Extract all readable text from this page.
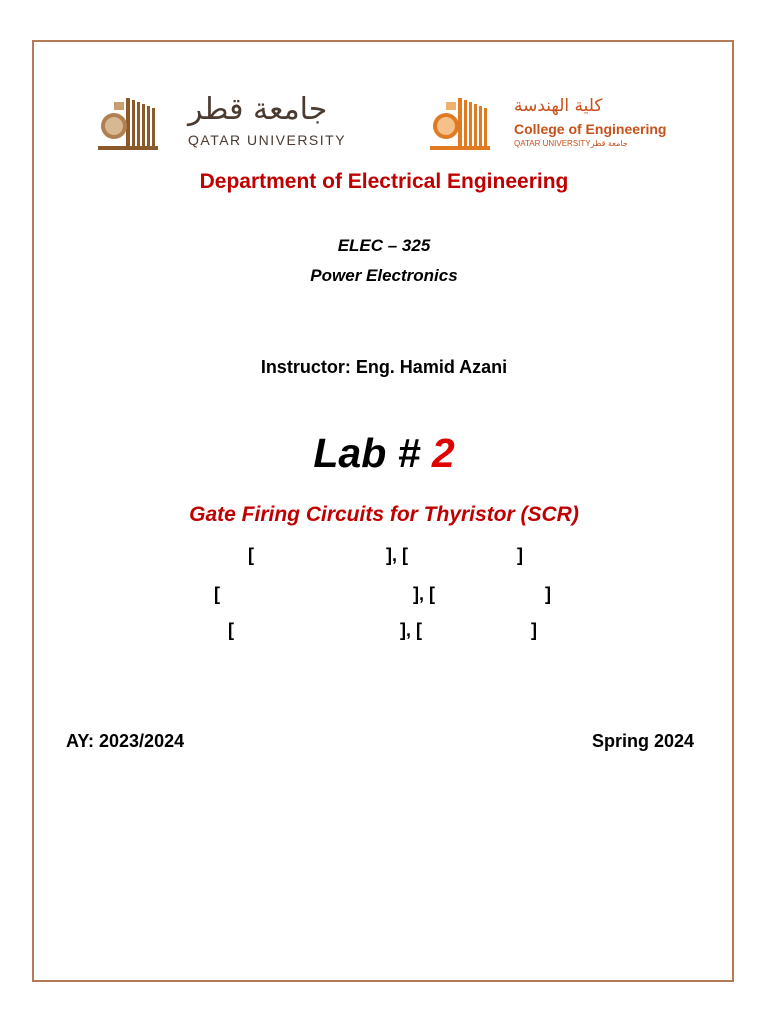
جامعة قطر
QATAR UNIVERSITY
كلية الهندسة
College of Engineering
QATAR UNIVERSITYجامعة قطر
Department of Electrical Engineering
ELEC – 325
Power Electronics
Instructor: Eng. Hamid Azani
Lab # 2
Gate Firing Circuits for Thyristor (SCR)
[	], [	]
[	], [	]
[	], [	]
AY: 2023/2024	Spring 2024
